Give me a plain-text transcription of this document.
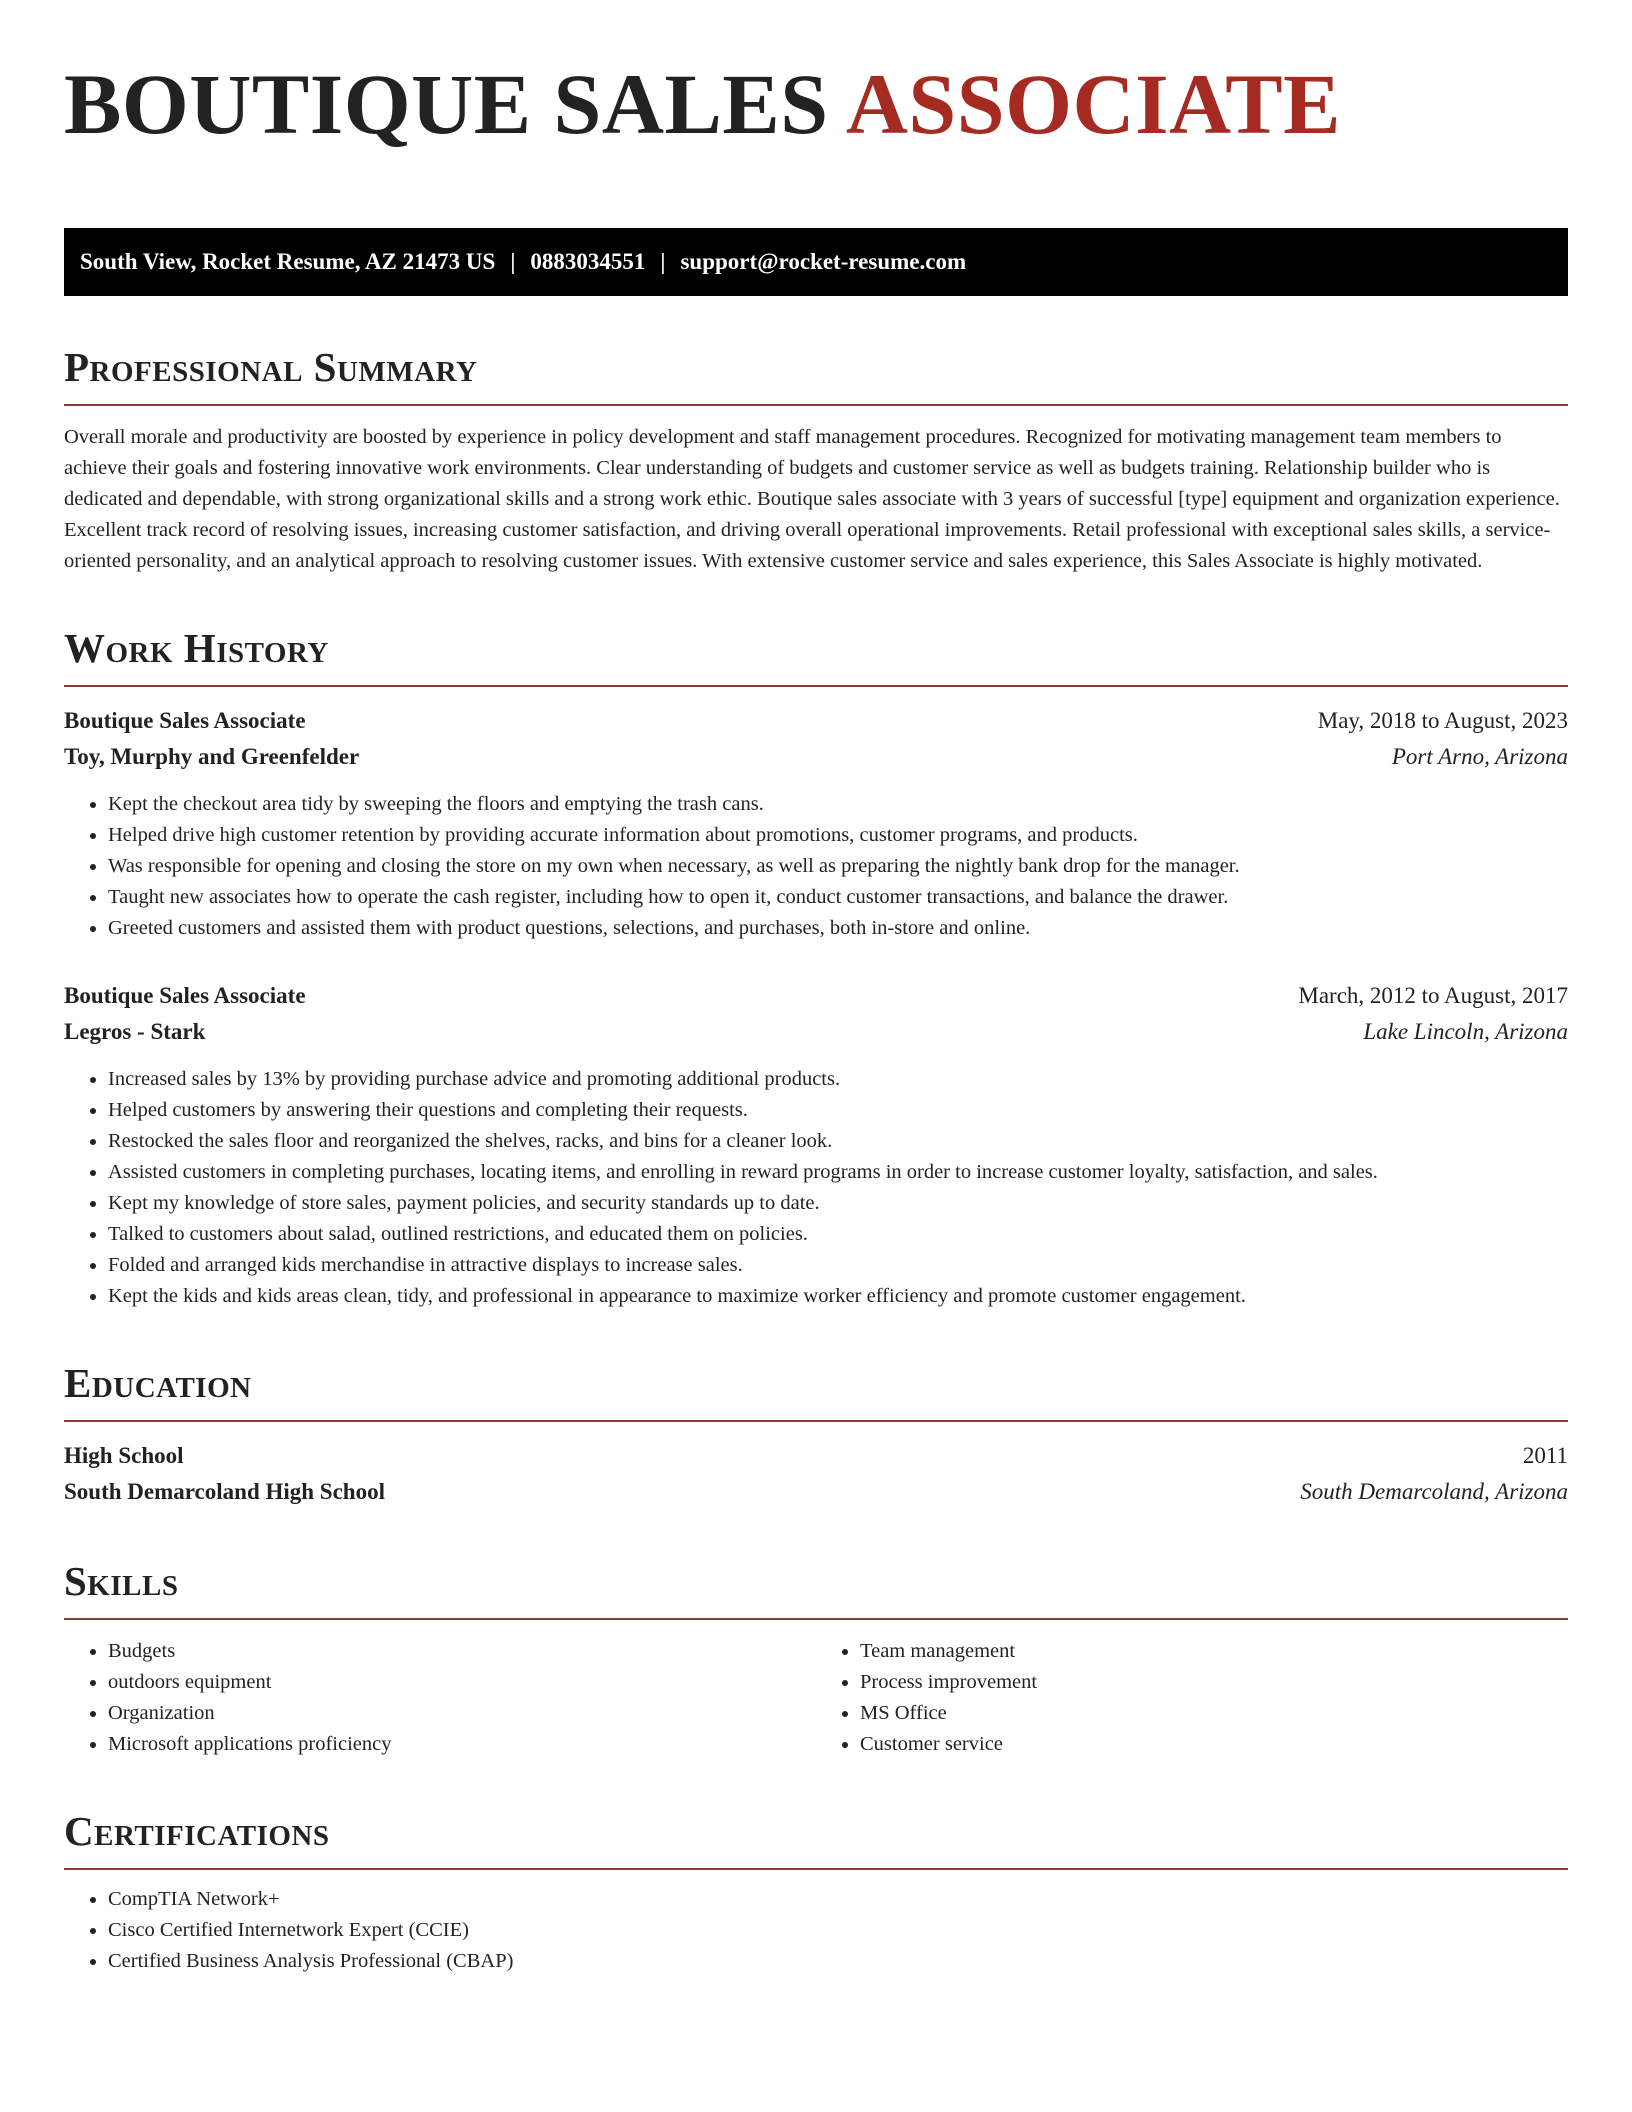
BOUTIQUE SALES ASSOCIATE
South View, Rocket Resume, AZ 21473 US | 0883034551 | support@rocket-resume.com
Professional Summary

Overall morale and productivity are boosted by experience in policy development and staff management procedures. Recognized for motivating management team members to achieve their goals and fostering innovative work environments. Clear understanding of budgets and customer service as well as budgets training. Relationship builder who is dedicated and dependable, with strong organizational skills and a strong work ethic. Boutique sales associate with 3 years of successful [type] equipment and organization experience. Excellent track record of resolving issues, increasing customer satisfaction, and driving overall operational improvements. Retail professional with exceptional sales skills, a service-oriented personality, and an analytical approach to resolving customer issues. With extensive customer service and sales experience, this Sales Associate is highly motivated.

Work History
Boutique Sales Associate	May, 2018 to August, 2023
Toy, Murphy and Greenfelder	Port Arno, Arizona
• Kept the checkout area tidy by sweeping the floors and emptying the trash cans.
• Helped drive high customer retention by providing accurate information about promotions, customer programs, and products.
• Was responsible for opening and closing the store on my own when necessary, as well as preparing the nightly bank drop for the manager.
• Taught new associates how to operate the cash register, including how to open it, conduct customer transactions, and balance the drawer.
• Greeted customers and assisted them with product questions, selections, and purchases, both in-store and online.
Boutique Sales Associate	March, 2012 to August, 2017
Legros - Stark	Lake Lincoln, Arizona
• Increased sales by 13% by providing purchase advice and promoting additional products.
• Helped customers by answering their questions and completing their requests.
• Restocked the sales floor and reorganized the shelves, racks, and bins for a cleaner look.
• Assisted customers in completing purchases, locating items, and enrolling in reward programs in order to increase customer loyalty, satisfaction, and sales.
• Kept my knowledge of store sales, payment policies, and security standards up to date.
• Talked to customers about salad, outlined restrictions, and educated them on policies.
• Folded and arranged kids merchandise in attractive displays to increase sales.
• Kept the kids and kids areas clean, tidy, and professional in appearance to maximize worker efficiency and promote customer engagement.
Education
High School	2011
South Demarcoland High School	South Demarcoland, Arizona
Skills
• Budgets
• outdoors equipment
• Organization
• Microsoft applications proficiency
• Team management
• Process improvement
• MS Office
• Customer service
Certifications
• CompTIA Network+
• Cisco Certified Internetwork Expert (CCIE)
• Certified Business Analysis Professional (CBAP)
